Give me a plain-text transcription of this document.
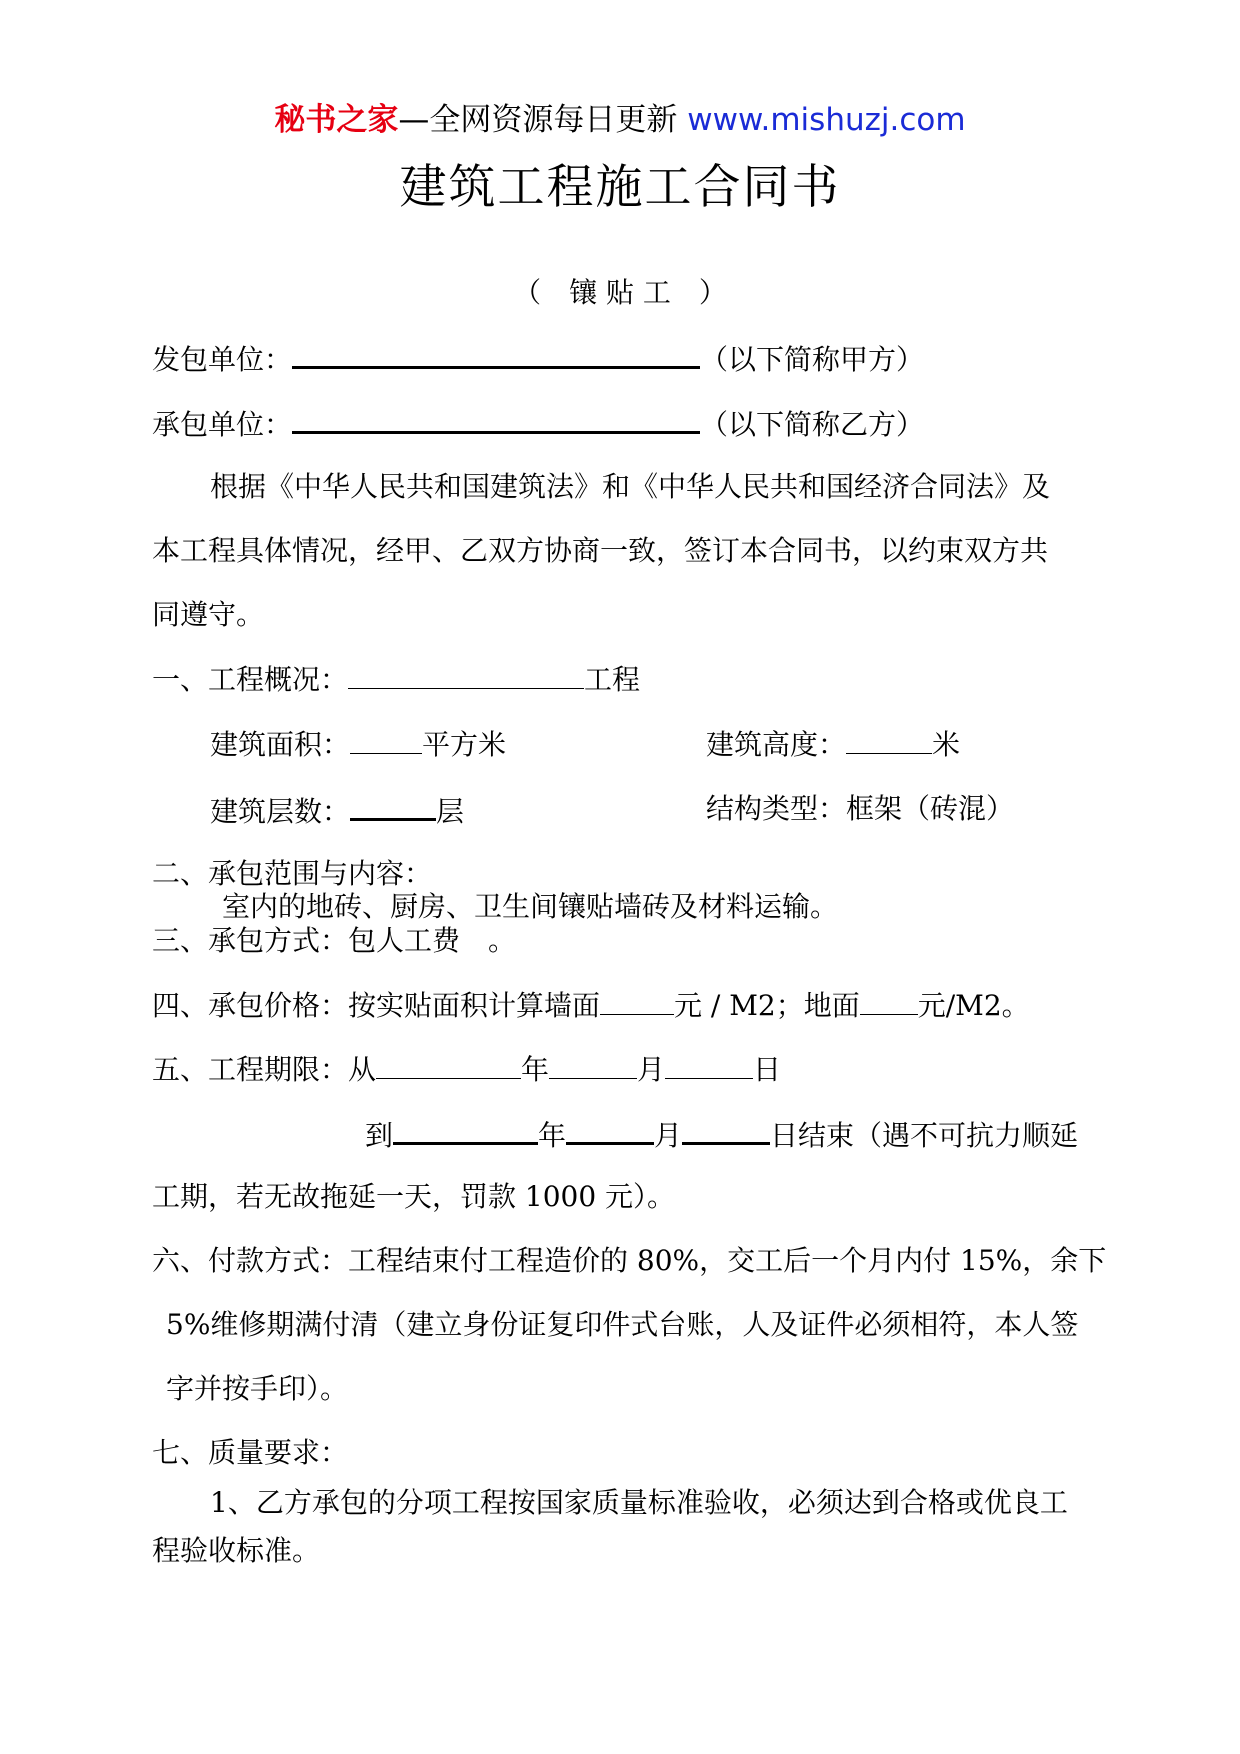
秘书之家—全网资源每日更新 www.mishuzj.com
建筑工程施工合同书
（　镶 贴 工　）
发包单位：	（以下简称甲方）
承包单位：	（以下简称乙方）
根据《中华人民共和国建筑法》和《中华人民共和国经济合同法》及
本工程具体情况，经甲、乙双方协商一致，签订本合同书，以约束双方共
同遵守。
一、工程概况：	工程
建筑面积：	平方米	建筑高度：	米
建筑层数：	层	结构类型：框架（砖混）
二、承包范围与内容：
室内的地砖、厨房、卫生间镶贴墙砖及材料运输。
三、承包方式：包人工费　。
四、承包价格：按实贴面积计算墙面	元 / M2；地面 元/M2。
五、工程期限：从	年	月	日
到	年	月	日结束（遇不可抗力顺延
工期，若无故拖延一天，罚款 1000 元）。
六、付款方式：工程结束付工程造价的 80%，交工后一个月内付 15%，余下
5%维修期满付清（建立身份证复印件式台账，人及证件必须相符，本人签
字并按手印）。
七、质量要求：
1、乙方承包的分项工程按国家质量标准验收，必须达到合格或优良工
程验收标准。
